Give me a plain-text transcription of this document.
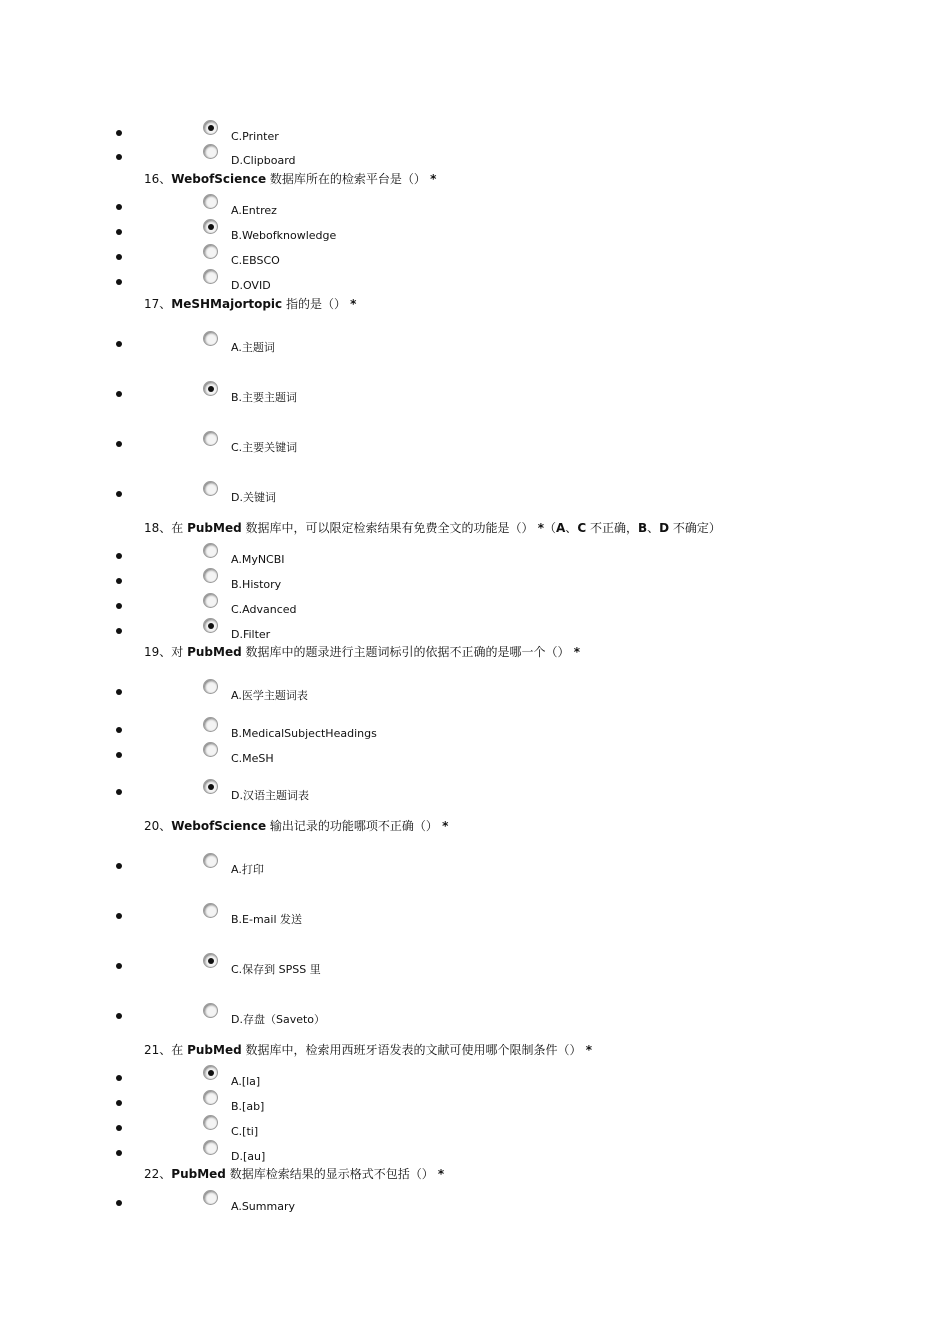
C.Printer
D.Clipboard
16、WebofScience 数据库所在的检索平台是（） *
A.Entrez
B.Webofknowledge
C.EBSCO
D.OVID
17、MeSHMajortopic 指的是（） *
A.主题词
B.主要主题词
C.主要关键词
D.关键词
18、在 PubMed 数据库中，可以限定检索结果有免费全文的功能是（） *（A、C 不正确，B、D 不确定）
A.MyNCBI
B.History
C.Advanced
D.Filter
19、对 PubMed 数据库中的题录进行主题词标引的依据不正确的是哪一个（） *
A.医学主题词表
B.MedicalSubjectHeadings
C.MeSH
D.汉语主题词表
20、WebofScience 输出记录的功能哪项不正确（） *
A.打印
B.E-mail 发送
C.保存到 SPSS 里
D.存盘（Saveto）
21、在 PubMed 数据库中，检索用西班牙语发表的文献可使用哪个限制条件（） *
A.[la]
B.[ab]
C.[ti]
D.[au]
22、PubMed 数据库检索结果的显示格式不包括（） *
A.Summary
